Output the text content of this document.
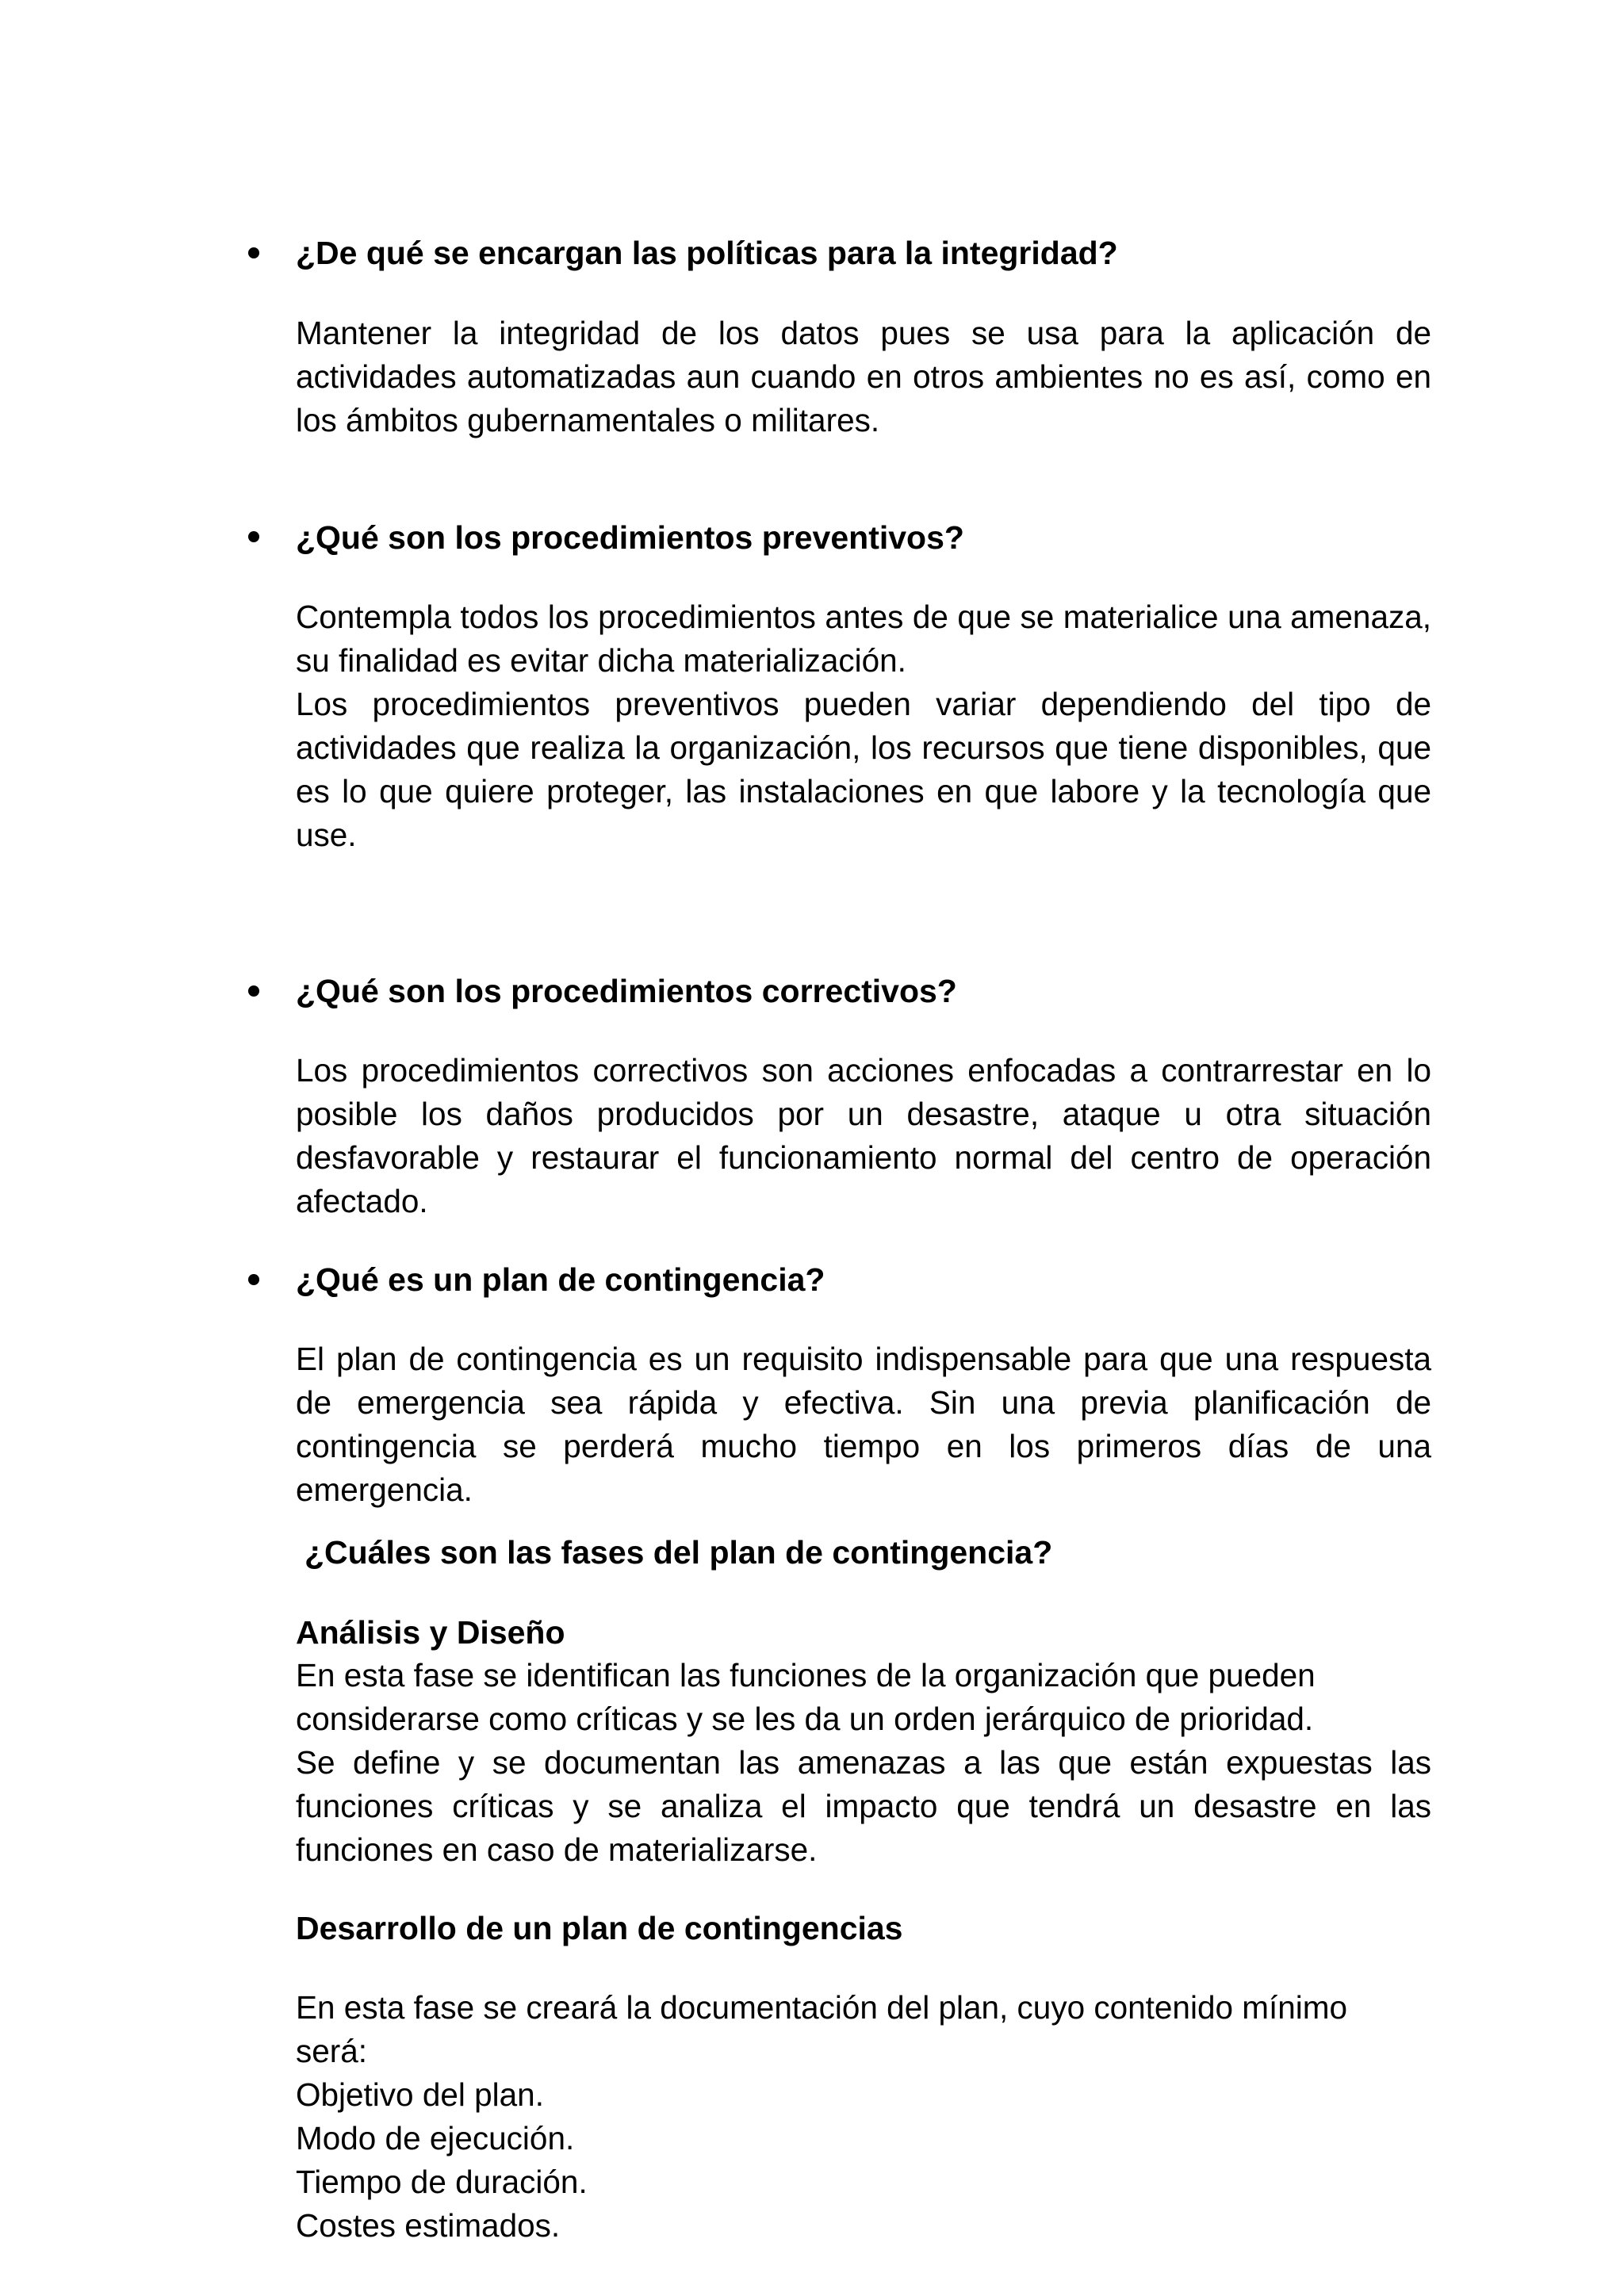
¿De qué se encargan las políticas para la integridad?

Mantener la integridad de los datos pues se usa para la aplicación de
actividades automatizadas aun cuando en otros ambientes no es así, como en
los ámbitos gubernamentales o militares.

¿Qué son los procedimientos preventivos?

Contempla todos los procedimientos antes de que se materialice una amenaza,
su finalidad es evitar dicha materialización.
Los procedimientos preventivos pueden variar dependiendo del tipo de
actividades que realiza la organización, los recursos que tiene disponibles, que
es lo que quiere proteger, las instalaciones en que labore y la tecnología que
use.

¿Qué son los procedimientos correctivos?

Los procedimientos correctivos son acciones enfocadas a contrarrestar en lo
posible los daños producidos por un desastre, ataque u otra situación
desfavorable y restaurar el funcionamiento normal del centro de operación
afectado.

¿Qué es un plan de contingencia?

El plan de contingencia es un requisito indispensable para que una respuesta
de emergencia sea rápida y efectiva. Sin una previa planificación de
contingencia se perderá mucho tiempo en los primeros días de una
emergencia.

¿Cuáles son las fases del plan de contingencia?

Análisis y Diseño

En esta fase se identifican las funciones de la organización que pueden
considerarse como críticas y se les da un orden jerárquico de prioridad.
Se define y se documentan las amenazas a las que están expuestas las
funciones críticas y se analiza el impacto que tendrá un desastre en las
funciones en caso de materializarse.

Desarrollo de un plan de contingencias

En esta fase se creará la documentación del plan, cuyo contenido mínimo
será:
Objetivo del plan.
Modo de ejecución.
Tiempo de duración.
Costes estimados.
